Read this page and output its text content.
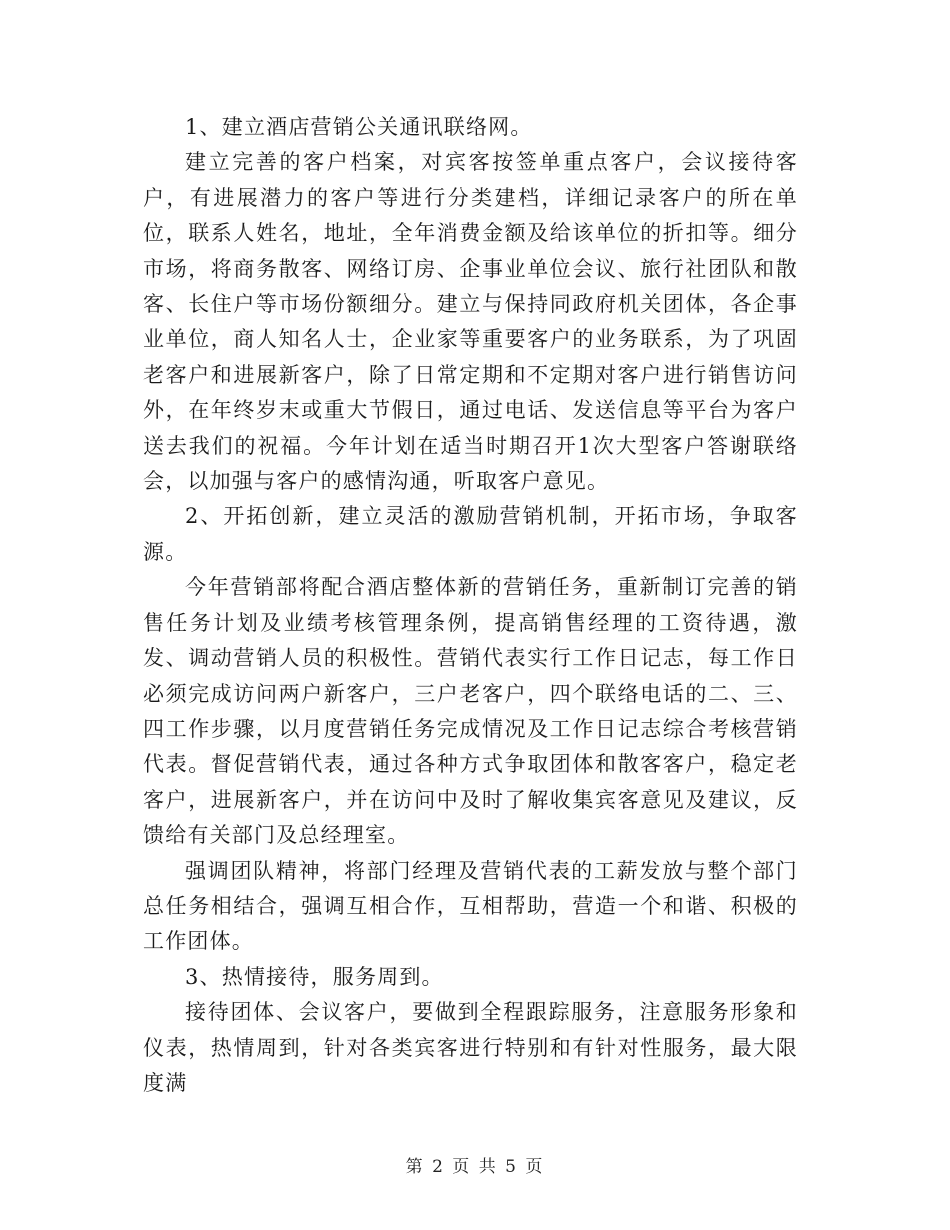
1、建立酒店营销公关通讯联络网。

建立完善的客户档案，对宾客按签单重点客户，会议接待客户，有进展潜力的客户等进行分类建档，详细记录客户的所在单位，联系人姓名，地址，全年消费金额及给该单位的折扣等。细分市场，将商务散客、网络订房、企事业单位会议、旅行社团队和散客、长住户等市场份额细分。建立与保持同政府机关团体，各企事业单位，商人知名人士，企业家等重要客户的业务联系，为了巩固老客户和进展新客户，除了日常定期和不定期对客户进行销售访问外，在年终岁末或重大节假日，通过电话、发送信息等平台为客户送去我们的祝福。今年计划在适当时期召开1次大型客户答谢联络会，以加强与客户的感情沟通，听取客户意见。

2、开拓创新，建立灵活的激励营销机制，开拓市场，争取客源。

今年营销部将配合酒店整体新的营销任务，重新制订完善的销售任务计划及业绩考核管理条例，提高销售经理的工资待遇，激发、调动营销人员的积极性。营销代表实行工作日记志，每工作日必须完成访问两户新客户，三户老客户，四个联络电话的二、三、四工作步骤，以月度营销任务完成情况及工作日记志综合考核营销代表。督促营销代表，通过各种方式争取团体和散客客户，稳定老客户，进展新客户，并在访问中及时了解收集宾客意见及建议，反馈给有关部门及总经理室。

强调团队精神，将部门经理及营销代表的工薪发放与整个部门总任务相结合，强调互相合作，互相帮助，营造一个和谐、积极的工作团体。

3、热情接待，服务周到。

接待团体、会议客户，要做到全程跟踪服务，注意服务形象和仪表，热情周到，针对各类宾客进行特别和有针对性服务，最大限度满

第 2 页 共 5 页
